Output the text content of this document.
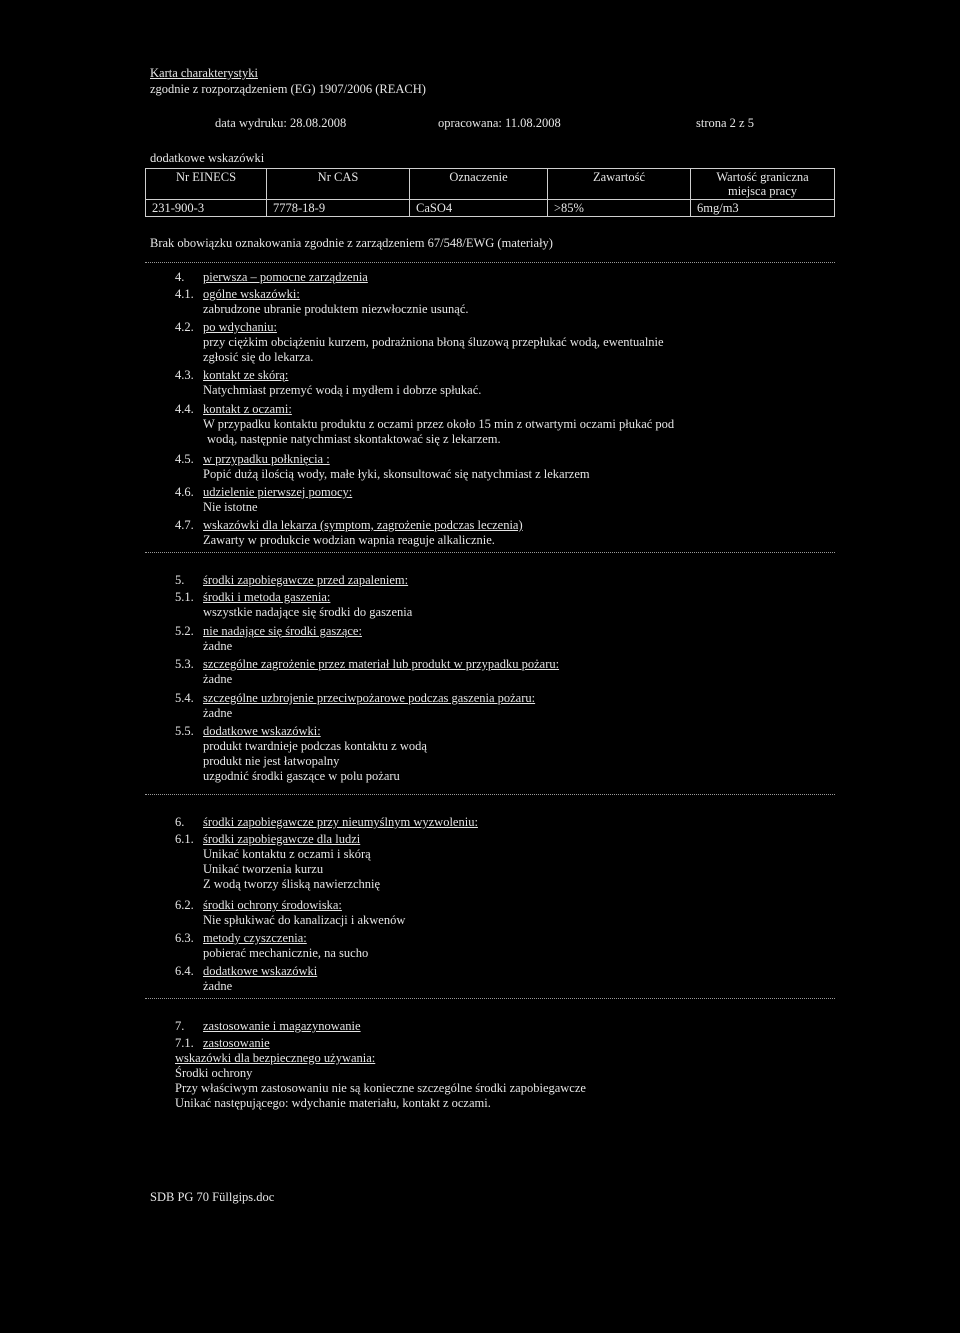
Karta charakterystyki
zgodnie z rozporządzeniem (EG) 1907/2006 (REACH)
data wydruku: 28.08.2008	opracowana: 11.08.2008	strona 2 z 5
dodatkowe wskazówki
Nr EINECS	Nr CAS	Oznaczenie	Zawartość	Wartość graniczna miejsca pracy
231-900-3	7778-18-9	CaSO4	>85%	6mg/m3
Brak obowiązku oznakowania zgodnie z zarządzeniem 67/548/EWG (materiały)
4. pierwsza – pomocne zarządzenia
4.1. ogólne wskazówki:
zabrudzone ubranie produktem niezwłocznie usunąć.
4.2. po wdychaniu:
przy ciężkim obciążeniu kurzem, podrażniona błoną śluzową przepłukać wodą, ewentualnie
zgłosić się do lekarza.
4.3. kontakt ze skórą:
Natychmiast przemyć wodą i mydłem i dobrze spłukać.
4.4. kontakt z oczami:
W przypadku kontaktu produktu z oczami przez około 15 min z otwartymi oczami płukać pod
wodą, następnie natychmiast skontaktować się z lekarzem.
4.5. w przypadku połknięcia :
Popić dużą ilością wody, małe łyki, skonsultować się natychmiast z lekarzem
4.6. udzielenie pierwszej pomocy:
Nie istotne
4.7. wskazówki dla lekarza (symptom, zagrożenie podczas leczenia)
Zawarty w produkcie wodzian wapnia reaguje alkalicznie.
5. środki zapobiegawcze przed zapaleniem:
5.1. środki i metoda gaszenia:
wszystkie nadające się środki do gaszenia
5.2. nie nadające się środki gaszące:
żadne
5.3. szczególne zagrożenie przez materiał lub produkt w przypadku pożaru:
żadne
5.4. szczególne uzbrojenie przeciwpożarowe podczas gaszenia pożaru:
żadne
5.5. dodatkowe wskazówki:
produkt twardnieje podczas kontaktu z wodą
produkt nie jest łatwopalny
uzgodnić środki gaszące w polu pożaru
6. środki zapobiegawcze przy nieumyślnym wyzwoleniu:
6.1. środki zapobiegawcze dla ludzi
Unikać kontaktu z oczami i skórą
Unikać tworzenia kurzu
Z wodą tworzy śliską nawierzchnię
6.2. środki ochrony środowiska:
Nie spłukiwać do kanalizacji i akwenów
6.3. metody czyszczenia:
pobierać mechanicznie, na sucho
6.4. dodatkowe wskazówki
żadne
7. zastosowanie i magazynowanie
7.1. zastosowanie
wskazówki dla bezpiecznego używania:
Środki ochrony
Przy właściwym zastosowaniu nie są konieczne szczególne środki zapobiegawcze
Unikać następującego: wdychanie materiału, kontakt z oczami.
SDB PG 70 Füllgips.doc
